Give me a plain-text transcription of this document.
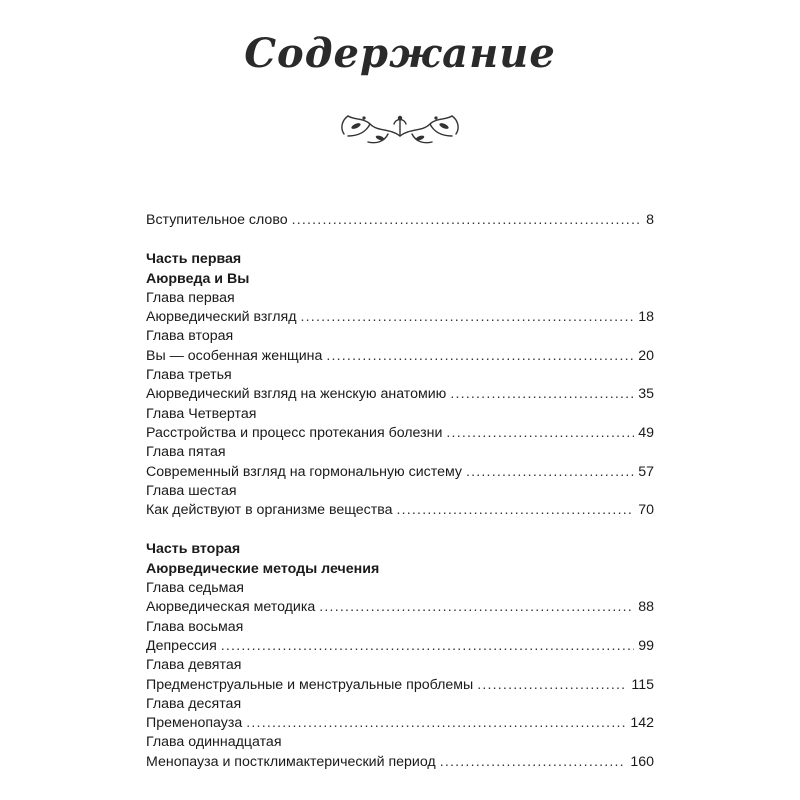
Содержание
Вступительное слово .....	8
Часть первая
Аюрведа и Вы
Глава первая
Аюрведический взгляд .....	18
Глава вторая
Вы — особенная женщина .....	20
Глава третья
Аюрведический взгляд на женскую анатомию .....	35
Глава Четвертая
Расстройства и процесс протекания болезни .....	49
Глава пятая
Современный взгляд на гормональную систему .....	57
Глава шестая
Как действуют в организме вещества .....	70
Часть вторая
Аюрведические методы лечения
Глава седьмая
Аюрведическая методика .....	88
Глава восьмая
Депрессия .....	99
Глава девятая
Предменструальные и менструальные проблемы .....	115
Глава десятая
Пременопауза .....	142
Глава одиннадцатая
Менопауза и постклимактерический период .....	160
